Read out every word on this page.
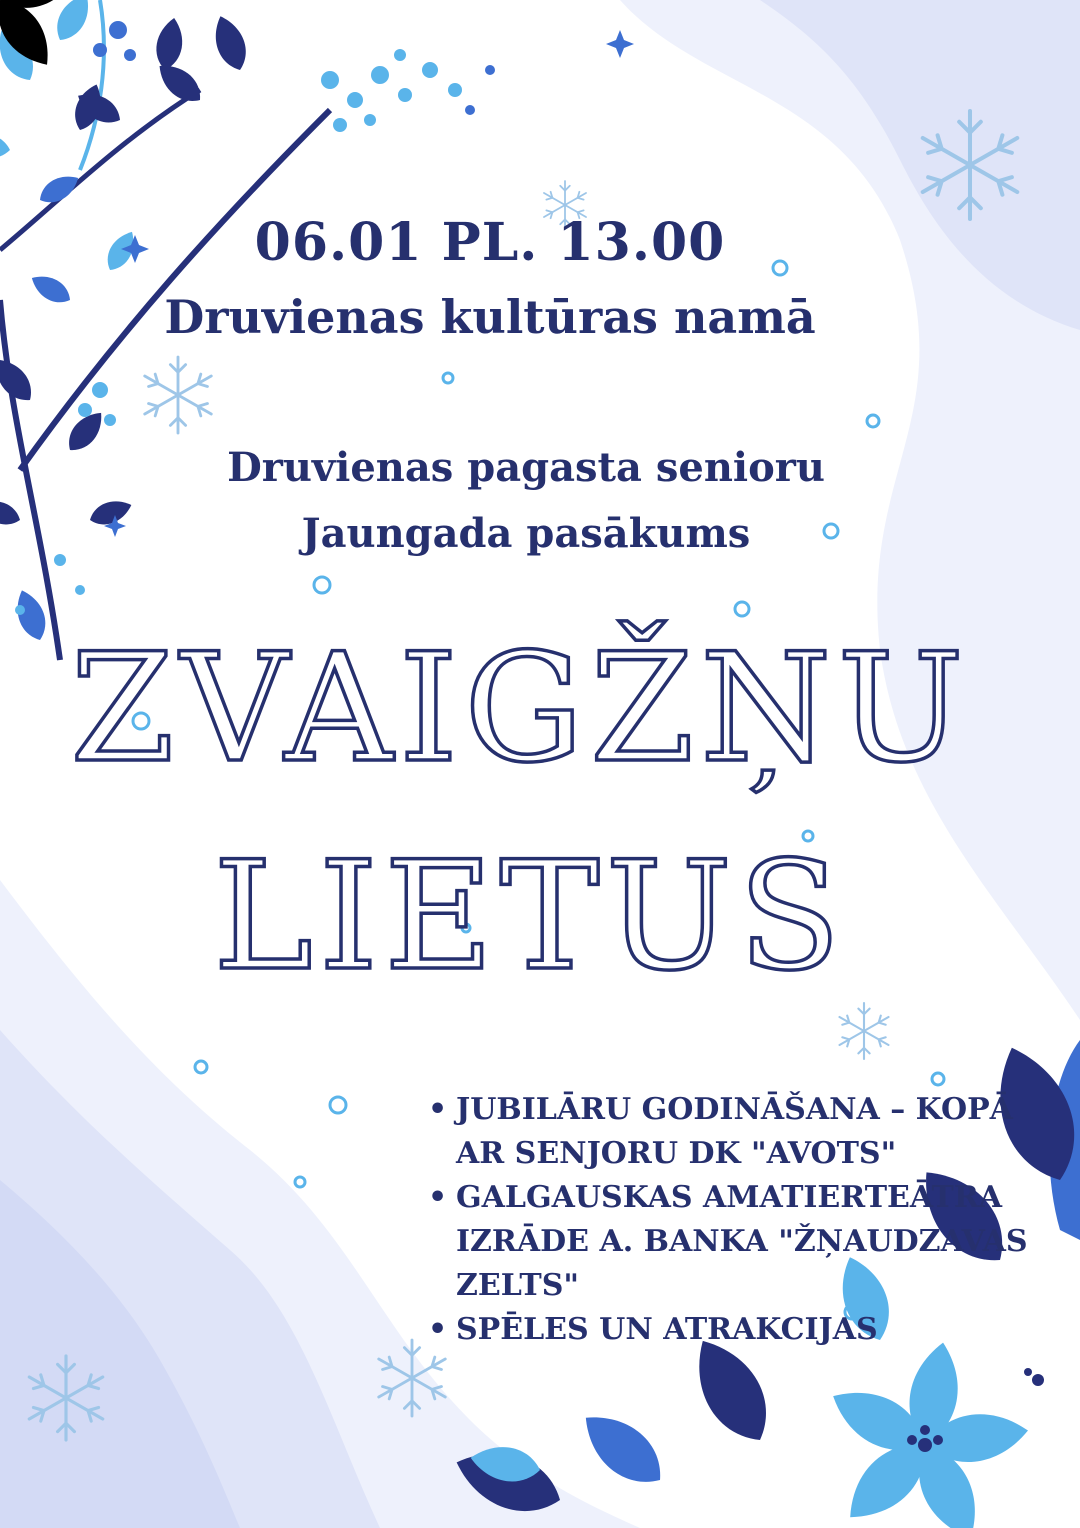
ZVAIGŽŅU
LIETUS
06.01 PL. 13.00
Druvienas kultūras namā
Druvienas pagasta senioru
Jaungada pasākums
• JUBILĀRU GODINĀŠANA – KOPĀ AR SENJORU DK "AVOTS"
• GALGAUSKAS AMATIERTEĀTRA IZRĀDE A. BANKA "ŽŅAUDZAVAS ZELTS"
• SPĒLES UN ATRAKCIJAS
